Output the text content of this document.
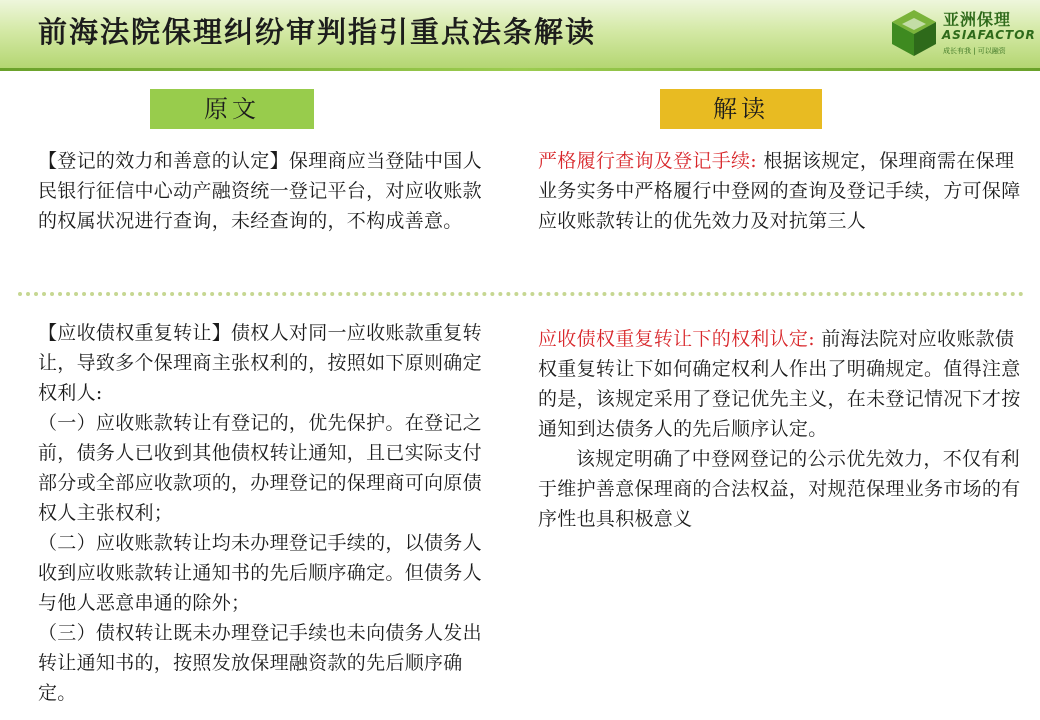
前海法院保理纠纷审判指引重点法条解读	亚洲保理
ASIAFACTOR
成长有我 | 可以融资
原文	解读

【登记的效力和善意的认定】保理商应当登陆中国人民银行征信中心动产融资统一登记平台，对应收账款的权属状况进行查询，未经查询的，不构成善意。

严格履行查询及登记手续: 根据该规定，保理商需在保理业务实务中严格履行中登网的查询及登记手续，方可保障应收账款转让的优先效力及对抗第三人

【应收债权重复转让】债权人对同一应收账款重复转让，导致多个保理商主张权利的，按照如下原则确定权利人:

（一）应收账款转让有登记的，优先保护。在登记之前，债务人已收到其他债权转让通知，且已实际支付部分或全部应收款项的，办理登记的保理商可向原债权人主张权利；

（二）应收账款转让均未办理登记手续的，以债务人收到应收账款转让通知书的先后顺序确定。但债务人与他人恶意串通的除外；

（三）债权转让既未办理登记手续也未向债务人发出转让通知书的，按照发放保理融资款的先后顺序确定。

应收债权重复转让下的权利认定: 前海法院对应收账款债权重复转让下如何确定权利人作出了明确规定。值得注意的是，该规定采用了登记优先主义，在未登记情况下才按通知到达债务人的先后顺序认定。

该规定明确了中登网登记的公示优先效力，不仅有利于维护善意保理商的合法权益，对规范保理业务市场的有序性也具积极意义
